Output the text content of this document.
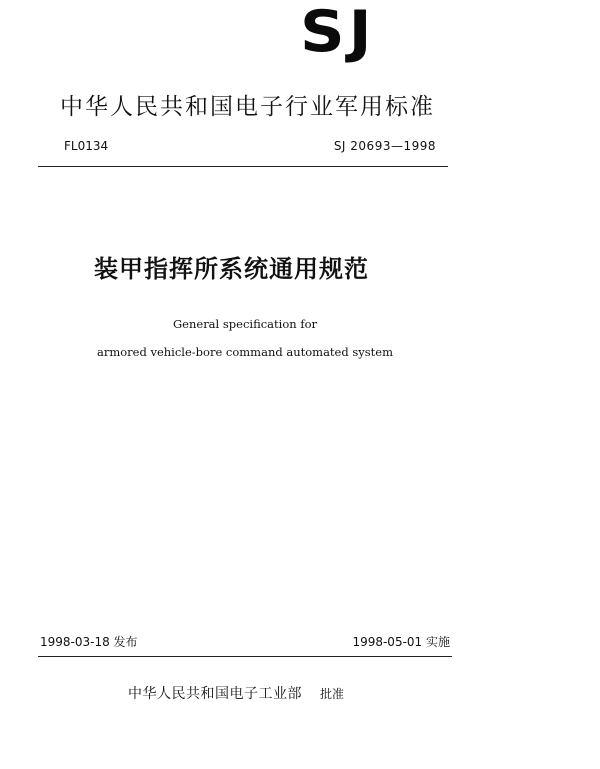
SJ
中华人民共和国电子行业军用标准
FL0134	SJ 20693—1998
装甲指挥所系统通用规范
General specification for
armored vehicle-bore command automated system
1998-03-18 发布	1998-05-01 实施
中华人民共和国电子工业部 批准
